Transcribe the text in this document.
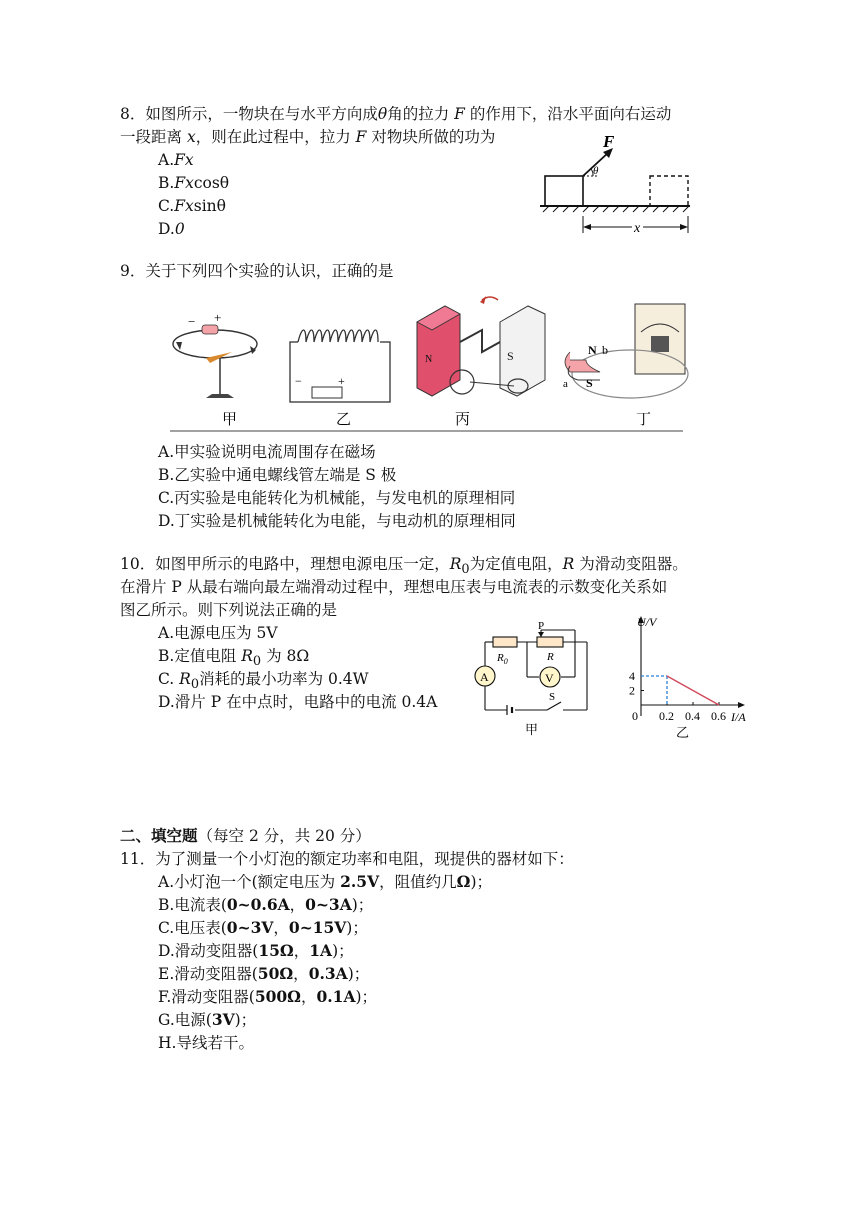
8．如图所示，一物块在与水平方向成θ角的拉力 F 的作用下，沿水平面向右运动
一段距离 x，则在此过程中，拉力 F 对物块所做的功为
A.Fx
B.Fxcosθ
C.Fxsinθ
D.0
F
θ
x
9．关于下列四个实验的认识，正确的是
− +
−	+
N	S	N b
S
a
甲	乙	丙	丁
A.甲实验说明电流周围存在磁场
B.乙实验中通电螺线管左端是 S 极
C.丙实验是电能转化为机械能，与发电机的原理相同
D.丁实验是机械能转化为电能，与电动机的原理相同
10．如图甲所示的电路中，理想电源电压一定，$R_0$为定值电阻，R 为滑动变阻器。
在滑片 P 从最右端向最左端滑动过程中，理想电压表与电流表的示数变化关系如
图乙所示。则下列说法正确的是
A.电源电压为 5V
B.定值电阻 $R_0$ 为 8Ω
C. $R_0$消耗的最小功率为 0.4W
D.滑片 P 在中点时，电路中的电流 0.4A
A	V
P
$R_0$	R
S
甲
U/V
I/A
乙
0 0.2 0.4 0.6
2
4
二、填空题（每空 2 分，共 20 分）
11．为了测量一个小灯泡的额定功率和电阻，现提供的器材如下：
A.小灯泡一个(额定电压为 2.5V，阻值约几Ω)；
B.电流表(0~0.6A，0~3A)；
C.电压表(0~3V，0~15V)；
D.滑动变阻器(15Ω，1A)；
E.滑动变阻器(50Ω，0.3A)；
F.滑动变阻器(500Ω，0.1A)；
G.电源(3V)；
H.导线若干。
